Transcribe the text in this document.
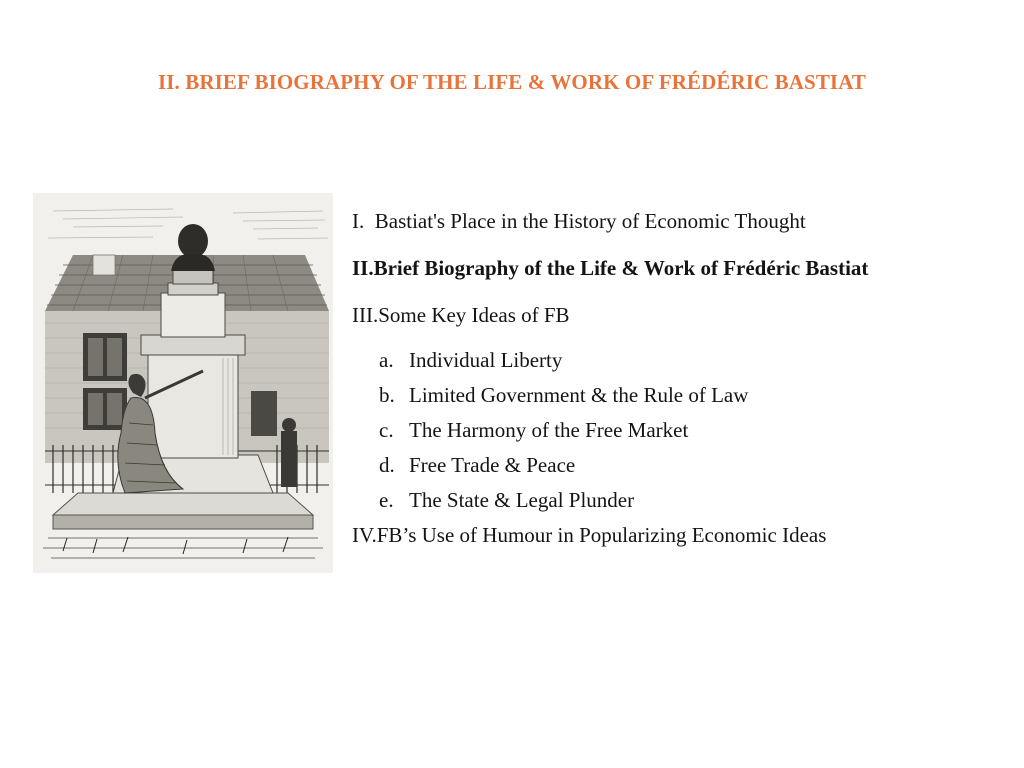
II. BRIEF BIOGRAPHY OF THE LIFE & WORK OF FRÉDÉRIC BASTIAT
I. Bastiat's Place in the History of Economic Thought
II.Brief Biography of the Life & Work of Frédéric Bastiat
III.Some Key Ideas of FB
a. Individual Liberty
b. Limited Government & the Rule of Law
c. The Harmony of the Free Market
d. Free Trade & Peace
e. The State & Legal Plunder
IV.FB’s Use of Humour in Popularizing Economic Ideas
